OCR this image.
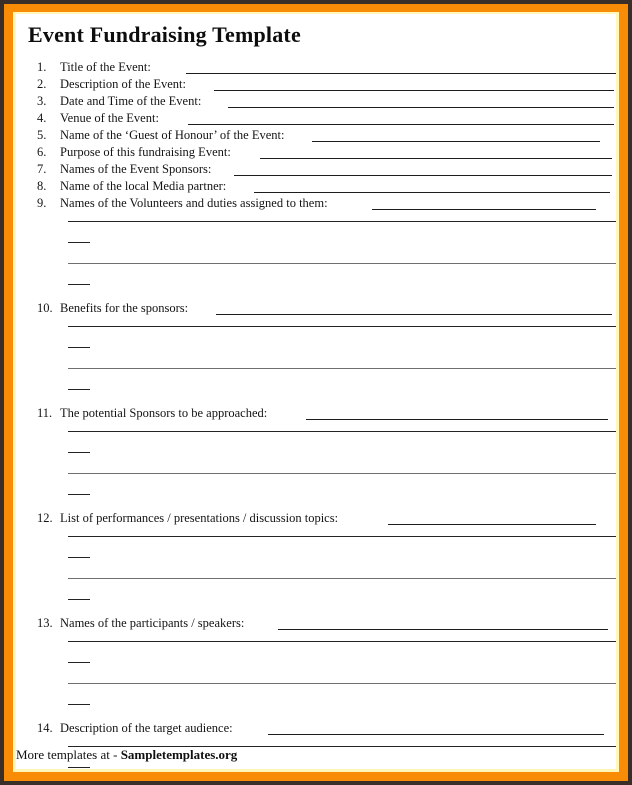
Event Fundraising Template
1.	Title of the Event:
2.	Description of the Event:
3.	Date and Time of the Event:
4.	Venue of the Event:
5.	Name of the ‘Guest of Honour’ of the Event:
6.	Purpose of this fundraising Event:
7.	Names of the Event Sponsors:
8.	Name of the local Media partner:
9.	Names of the Volunteers and duties assigned to them:
10. Benefits for the sponsors:
11. The potential Sponsors to be approached:
12. List of performances / presentations / discussion topics:
13. Names of the participants / speakers:
14. Description of the target audience:
More templates at - Sampletemplates.org
